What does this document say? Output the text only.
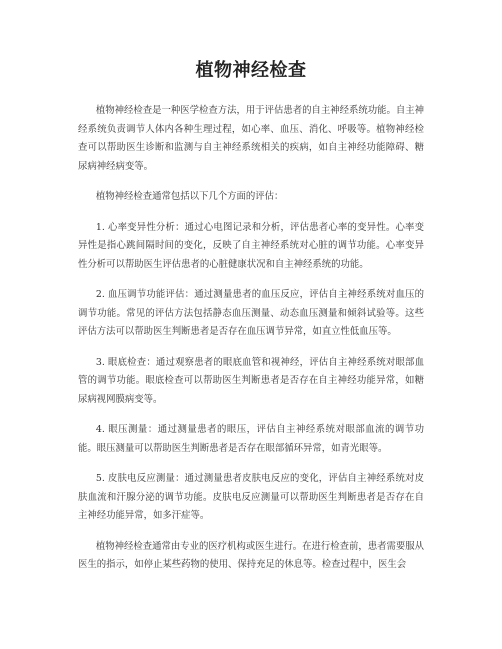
植物神经检查

植物神经检查是一种医学检查方法，用于评估患者的自主神经系统功能。自主神经系统负责调节人体内各种生理过程，如心率、血压、消化、呼吸等。植物神经检查可以帮助医生诊断和监测与自主神经系统相关的疾病，如自主神经功能障碍、糖尿病神经病变等。

植物神经检查通常包括以下几个方面的评估：

1. 心率变异性分析：通过心电图记录和分析，评估患者心率的变异性。心率变异性是指心跳间隔时间的变化，反映了自主神经系统对心脏的调节功能。心率变异性分析可以帮助医生评估患者的心脏健康状况和自主神经系统的功能。

2. 血压调节功能评估：通过测量患者的血压反应，评估自主神经系统对血压的调节功能。常见的评估方法包括静态血压测量、动态血压测量和倾斜试验等。这些评估方法可以帮助医生判断患者是否存在血压调节异常，如直立性低血压等。

3. 眼底检查：通过观察患者的眼底血管和视神经，评估自主神经系统对眼部血管的调节功能。眼底检查可以帮助医生判断患者是否存在自主神经功能异常，如糖尿病视网膜病变等。

4. 眼压测量：通过测量患者的眼压，评估自主神经系统对眼部血流的调节功能。眼压测量可以帮助医生判断患者是否存在眼部循环异常，如青光眼等。

5. 皮肤电反应测量：通过测量患者皮肤电反应的变化，评估自主神经系统对皮肤血流和汗腺分泌的调节功能。皮肤电反应测量可以帮助医生判断患者是否存在自主神经功能异常，如多汗症等。

植物神经检查通常由专业的医疗机构或医生进行。在进行检查前，患者需要服从医生的指示，如停止某些药物的使用、保持充足的休息等。检查过程中，医生会
